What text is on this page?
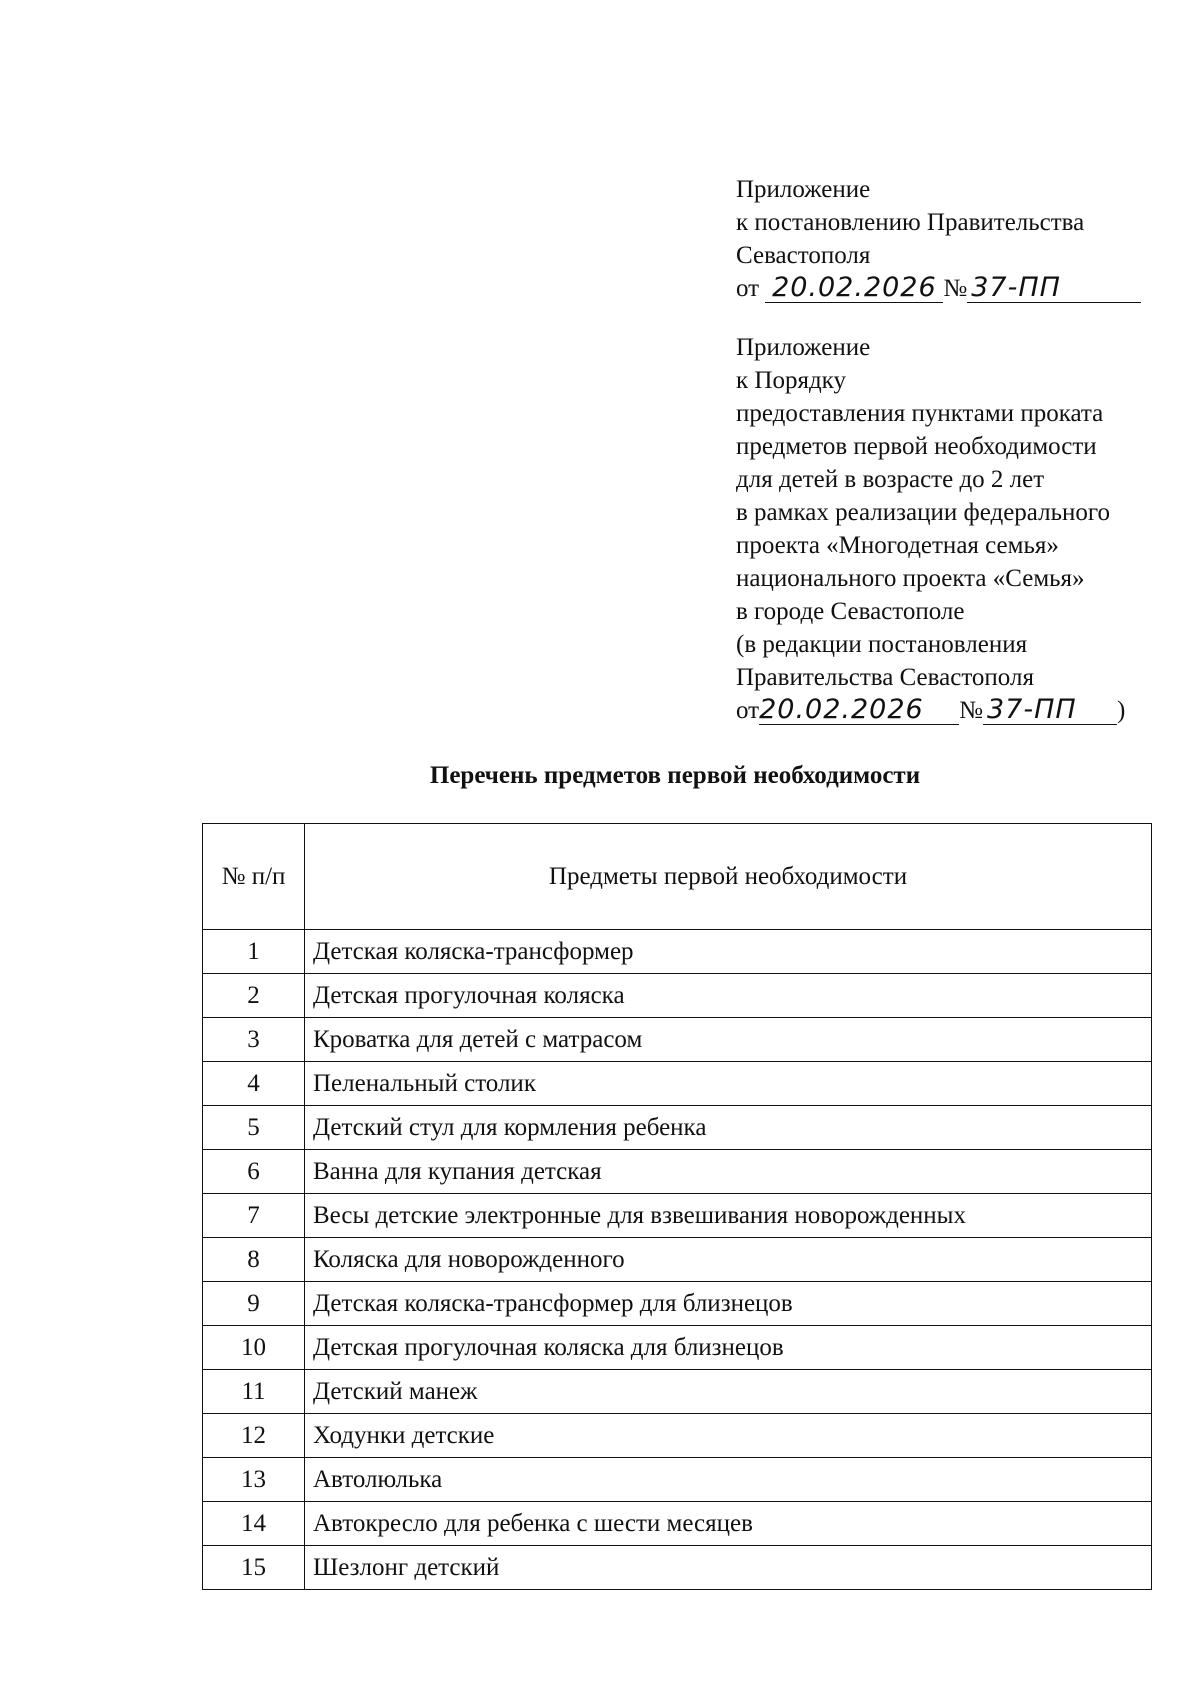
Приложение
к постановлению Правительства
Севастополя
от 20.02.2026 № 37-ПП
Приложение
к Порядку
предоставления пунктами проката
предметов первой необходимости
для детей в возрасте до 2 лет
в рамках реализации федерального
проекта «Многодетная семья»
национального проекта «Семья»
в городе Севастополе
(в редакции постановления
Правительства Севастополя
от20.02.2026 № 37-ПП )
Перечень предметов первой необходимости
№ п/п	Предметы первой необходимости
1	Детская коляска-трансформер
2	Детская прогулочная коляска
3	Кроватка для детей с матрасом
4	Пеленальный столик
5	Детский стул для кормления ребенка
6	Ванна для купания детская
7	Весы детские электронные для взвешивания новорожденных
8	Коляска для новорожденного
9	Детская коляска-трансформер для близнецов
10	Детская прогулочная коляска для близнецов
11	Детский манеж
12	Ходунки детские
13	Автолюлька
14	Автокресло для ребенка с шести месяцев
15	Шезлонг детский
